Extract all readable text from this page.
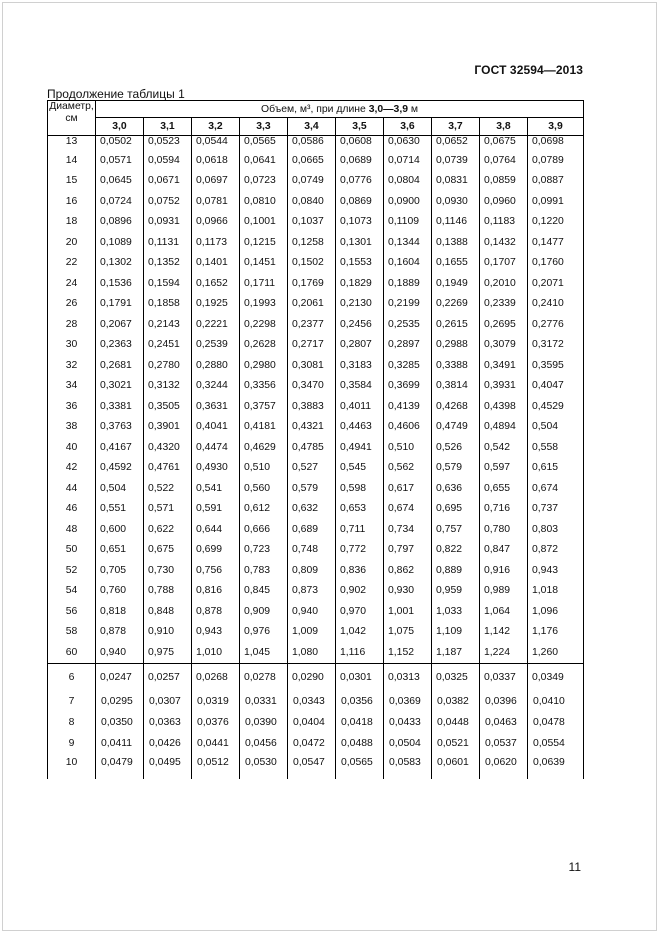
ГОСТ 32594—2013
Продолжение таблицы 1
Диаметр, см	Объем, м³, при длине 3,0—3,9 м									
	3,0	3,1	3,2	3,3	3,4	3,5	3,6	3,7	3,8	3,9
13	0,0502	0,0523	0,0544	0,0565	0,0586	0,0608	0,0630	0,0652	0,0675	0,0698
14	0,0571	0,0594	0,0618	0,0641	0,0665	0,0689	0,0714	0,0739	0,0764	0,0789
15	0,0645	0,0671	0,0697	0,0723	0,0749	0,0776	0,0804	0,0831	0,0859	0,0887
16	0,0724	0,0752	0,0781	0,0810	0,0840	0,0869	0,0900	0,0930	0,0960	0,0991
18	0,0896	0,0931	0,0966	0,1001	0,1037	0,1073	0,1109	0,1146	0,1183	0,1220
20	0,1089	0,1131	0,1173	0,1215	0,1258	0,1301	0,1344	0,1388	0,1432	0,1477
22	0,1302	0,1352	0,1401	0,1451	0,1502	0,1553	0,1604	0,1655	0,1707	0,1760
24	0,1536	0,1594	0,1652	0,1711	0,1769	0,1829	0,1889	0,1949	0,2010	0,2071
26	0,1791	0,1858	0,1925	0,1993	0,2061	0,2130	0,2199	0,2269	0,2339	0,2410
28	0,2067	0,2143	0,2221	0,2298	0,2377	0,2456	0,2535	0,2615	0,2695	0,2776
30	0,2363	0,2451	0,2539	0,2628	0,2717	0,2807	0,2897	0,2988	0,3079	0,3172
32	0,2681	0,2780	0,2880	0,2980	0,3081	0,3183	0,3285	0,3388	0,3491	0,3595
34	0,3021	0,3132	0,3244	0,3356	0,3470	0,3584	0,3699	0,3814	0,3931	0,4047
36	0,3381	0,3505	0,3631	0,3757	0,3883	0,4011	0,4139	0,4268	0,4398	0,4529
38	0,3763	0,3901	0,4041	0,4181	0,4321	0,4463	0,4606	0,4749	0,4894	0,504
40	0,4167	0,4320	0,4474	0,4629	0,4785	0,4941	0,510	0,526	0,542	0,558
42	0,4592	0,4761	0,4930	0,510	0,527	0,545	0,562	0,579	0,597	0,615
44	0,504	0,522	0,541	0,560	0,579	0,598	0,617	0,636	0,655	0,674
46	0,551	0,571	0,591	0,612	0,632	0,653	0,674	0,695	0,716	0,737
48	0,600	0,622	0,644	0,666	0,689	0,711	0,734	0,757	0,780	0,803
50	0,651	0,675	0,699	0,723	0,748	0,772	0,797	0,822	0,847	0,872
52	0,705	0,730	0,756	0,783	0,809	0,836	0,862	0,889	0,916	0,943
54	0,760	0,788	0,816	0,845	0,873	0,902	0,930	0,959	0,989	1,018
56	0,818	0,848	0,878	0,909	0,940	0,970	1,001	1,033	1,064	1,096
58	0,878	0,910	0,943	0,976	1,009	1,042	1,075	1,109	1,142	1,176
60	0,940	0,975	1,010	1,045	1,080	1,116	1,152	1,187	1,224	1,260
6	0,0247	0,0257	0,0268	0,0278	0,0290	0,0301	0,0313	0,0325	0,0337	0,0349
7	0,0295	0,0307	0,0319	0,0331	0,0343	0,0356	0,0369	0,0382	0,0396	0,0410
8	0,0350	0,0363	0,0376	0,0390	0,0404	0,0418	0,0433	0,0448	0,0463	0,0478
9	0,0411	0,0426	0,0441	0,0456	0,0472	0,0488	0,0504	0,0521	0,0537	0,0554
10	0,0479	0,0495	0,0512	0,0530	0,0547	0,0565	0,0583	0,0601	0,0620	0,0639
11
